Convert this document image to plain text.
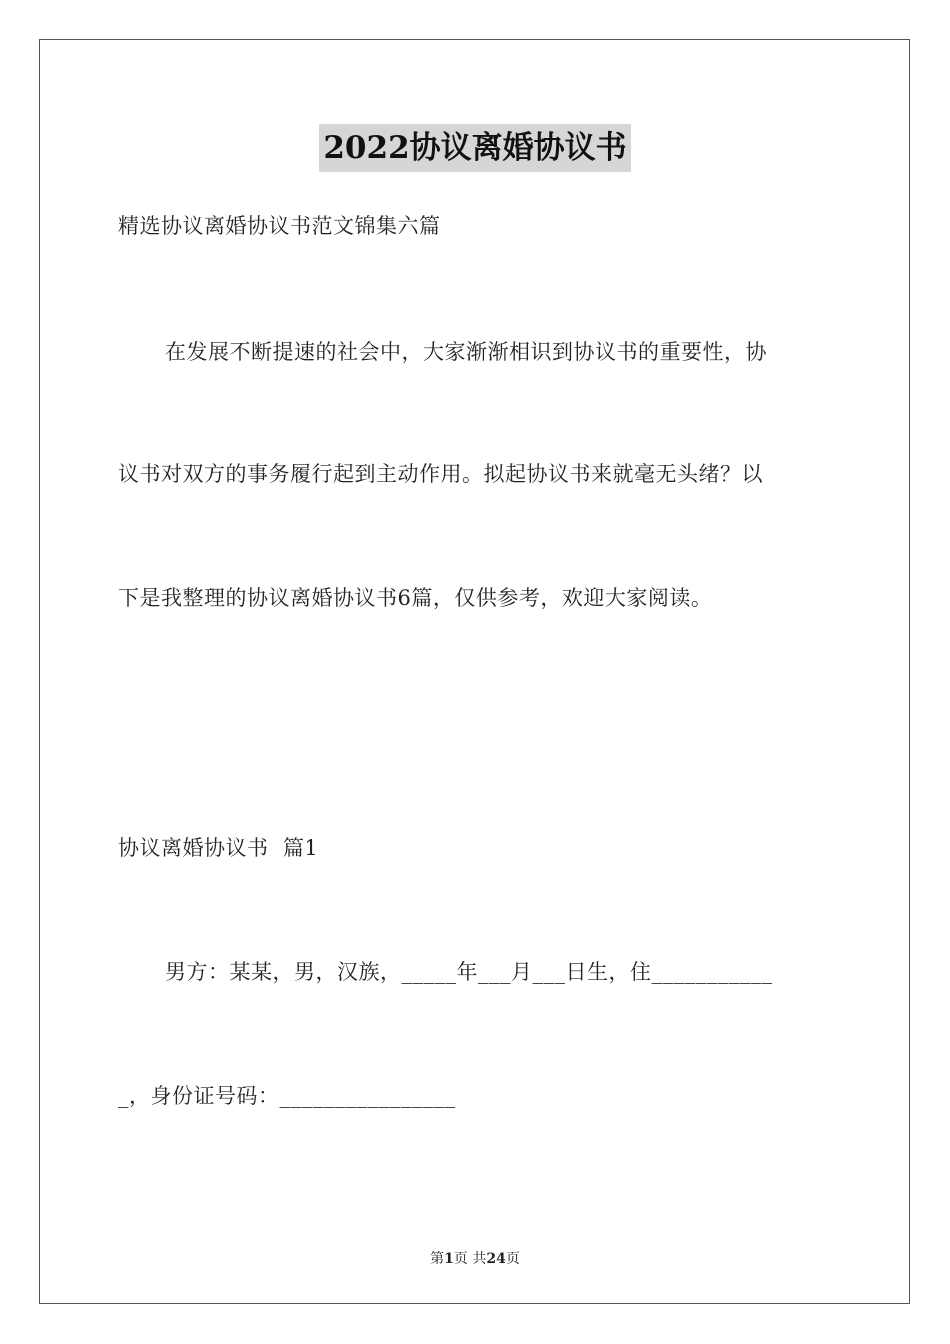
2022协议离婚协议书
精选协议离婚协议书范文锦集六篇
在发展不断提速的社会中，大家渐渐相识到协议书的重要性，协
议书对双方的事务履行起到主动作用。拟起协议书来就毫无头绪？以
下是我整理的协议离婚协议书6篇，仅供参考，欢迎大家阅读。
协议离婚协议书  篇1
男方：某某，男，汉族，_____年___月___日生，住___________
_，身份证号码：________________
第1页 共24页
